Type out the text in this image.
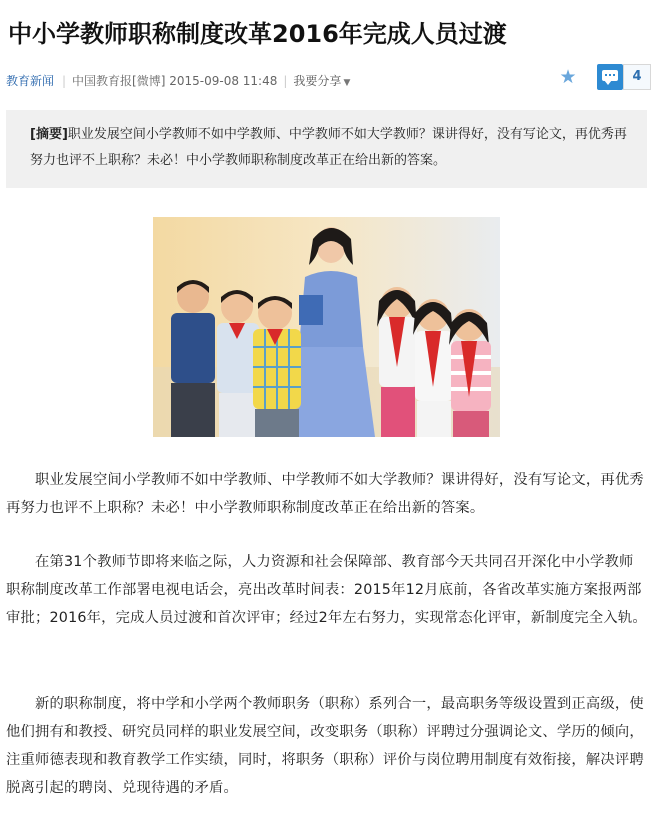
中小学教师职称制度改革2016年完成人员过渡
教育新闻 | 中国教育报[微博] 2015-09-08 11:48 | 我要分享 ▼	★	4

[摘要]职业发展空间小学教师不如中学教师、中学教师不如大学教师？课讲得好，没有写论文，再优秀再努力也评不上职称？未必！中小学教师职称制度改革正在给出新的答案。

职业发展空间小学教师不如中学教师、中学教师不如大学教师？课讲得好，没有写论文，再优秀再努力也评不上职称？未必！中小学教师职称制度改革正在给出新的答案。

在第31个教师节即将来临之际，人力资源和社会保障部、教育部今天共同召开深化中小学教师职称制度改革工作部署电视电话会，亮出改革时间表：2015年12月底前，各省改革实施方案报两部审批；2016年，完成人员过渡和首次评审；经过2年左右努力，实现常态化评审，新制度完全入轨。

新的职称制度，将中学和小学两个教师职务（职称）系列合一，最高职务等级设置到正高级，使他们拥有和教授、研究员同样的职业发展空间，改变职务（职称）评聘过分强调论文、学历的倾向，注重师德表现和教育教学工作实绩，同时，将职务（职称）评价与岗位聘用制度有效衔接，解决评聘脱离引起的聘岗、兑现待遇的矛盾。
